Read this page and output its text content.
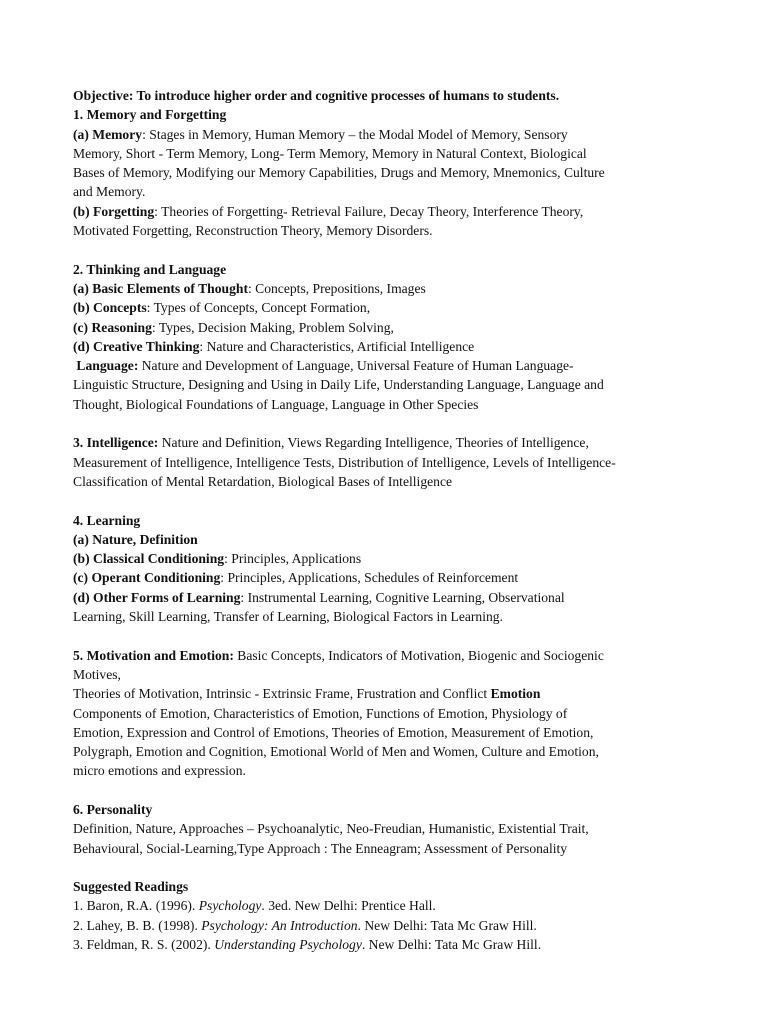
Objective: To introduce higher order and cognitive processes of humans to students.
1. Memory and Forgetting
(a) Memory: Stages in Memory, Human Memory – the Modal Model of Memory, Sensory
Memory, Short - Term Memory, Long- Term Memory, Memory in Natural Context, Biological
Bases of Memory, Modifying our Memory Capabilities, Drugs and Memory, Mnemonics, Culture
and Memory.
(b) Forgetting: Theories of Forgetting- Retrieval Failure, Decay Theory, Interference Theory,
Motivated Forgetting, Reconstruction Theory, Memory Disorders.
2. Thinking and Language
(a) Basic Elements of Thought: Concepts, Prepositions, Images
(b) Concepts: Types of Concepts, Concept Formation,
(c) Reasoning: Types, Decision Making, Problem Solving,
(d) Creative Thinking: Nature and Characteristics, Artificial Intelligence
Language: Nature and Development of Language, Universal Feature of Human Language-
Linguistic Structure, Designing and Using in Daily Life, Understanding Language, Language and
Thought, Biological Foundations of Language, Language in Other Species
3. Intelligence: Nature and Definition, Views Regarding Intelligence, Theories of Intelligence,
Measurement of Intelligence, Intelligence Tests, Distribution of Intelligence, Levels of Intelligence-
Classification of Mental Retardation, Biological Bases of Intelligence
4. Learning
(a) Nature, Definition
(b) Classical Conditioning: Principles, Applications
(c) Operant Conditioning: Principles, Applications, Schedules of Reinforcement
(d) Other Forms of Learning: Instrumental Learning, Cognitive Learning, Observational
Learning, Skill Learning, Transfer of Learning, Biological Factors in Learning.
5. Motivation and Emotion: Basic Concepts, Indicators of Motivation, Biogenic and Sociogenic
Motives,
Theories of Motivation, Intrinsic - Extrinsic Frame, Frustration and Conflict Emotion
Components of Emotion, Characteristics of Emotion, Functions of Emotion, Physiology of
Emotion, Expression and Control of Emotions, Theories of Emotion, Measurement of Emotion,
Polygraph, Emotion and Cognition, Emotional World of Men and Women, Culture and Emotion,
micro emotions and expression.
6. Personality
Definition, Nature, Approaches – Psychoanalytic, Neo-Freudian, Humanistic, Existential Trait,
Behavioural, Social-Learning,Type Approach : The Enneagram; Assessment of Personality
Suggested Readings
1. Baron, R.A. (1996). Psychology. 3ed. New Delhi: Prentice Hall.
2. Lahey, B. B. (1998). Psychology: An Introduction. New Delhi: Tata Mc Graw Hill.
3. Feldman, R. S. (2002). Understanding Psychology. New Delhi: Tata Mc Graw Hill.
